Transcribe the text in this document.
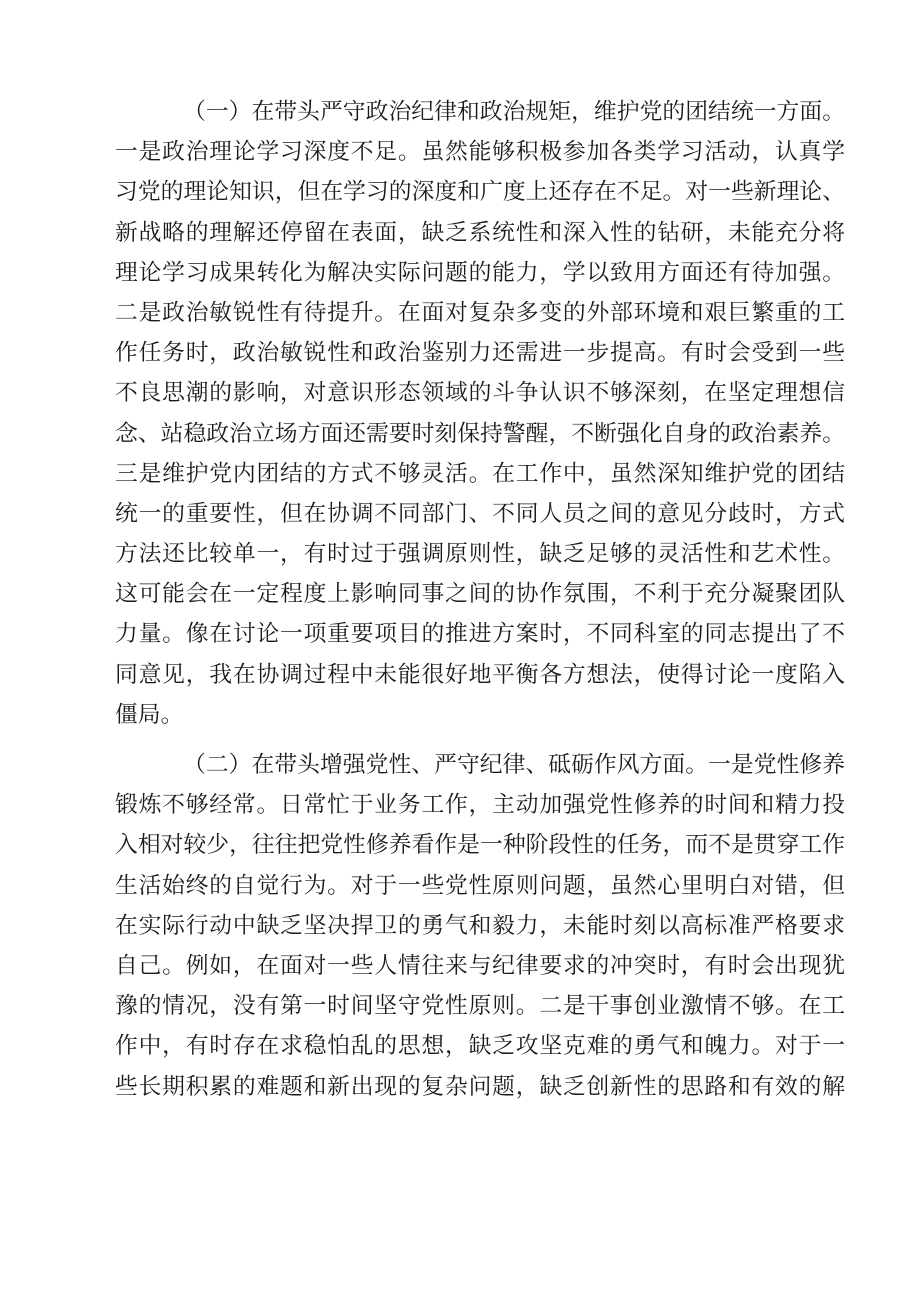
（一）在带头严守政治纪律和政治规矩，维护党的团结统一方面。
一是政治理论学习深度不足。虽然能够积极参加各类学习活动，认真学
习党的理论知识，但在学习的深度和广度上还存在不足。对一些新理论、
新战略的理解还停留在表面，缺乏系统性和深入性的钻研，未能充分将
理论学习成果转化为解决实际问题的能力，学以致用方面还有待加强。
二是政治敏锐性有待提升。在面对复杂多变的外部环境和艰巨繁重的工
作任务时，政治敏锐性和政治鉴别力还需进一步提高。有时会受到一些
不良思潮的影响，对意识形态领域的斗争认识不够深刻，在坚定理想信
念、站稳政治立场方面还需要时刻保持警醒，不断强化自身的政治素养。
三是维护党内团结的方式不够灵活。在工作中，虽然深知维护党的团结
统一的重要性，但在协调不同部门、不同人员之间的意见分歧时，方式
方法还比较单一，有时过于强调原则性，缺乏足够的灵活性和艺术性。
这可能会在一定程度上影响同事之间的协作氛围，不利于充分凝聚团队
力量。像在讨论一项重要项目的推进方案时，不同科室的同志提出了不
同意见，我在协调过程中未能很好地平衡各方想法，使得讨论一度陷入
僵局。
（二）在带头增强党性、严守纪律、砥砺作风方面。一是党性修养
锻炼不够经常。日常忙于业务工作，主动加强党性修养的时间和精力投
入相对较少，往往把党性修养看作是一种阶段性的任务，而不是贯穿工作
生活始终的自觉行为。对于一些党性原则问题，虽然心里明白对错，但
在实际行动中缺乏坚决捍卫的勇气和毅力，未能时刻以高标准严格要求
自己。例如，在面对一些人情往来与纪律要求的冲突时，有时会出现犹
豫的情况，没有第一时间坚守党性原则。二是干事创业激情不够。在工
作中，有时存在求稳怕乱的思想，缺乏攻坚克难的勇气和魄力。对于一
些长期积累的难题和新出现的复杂问题，缺乏创新性的思路和有效的解
